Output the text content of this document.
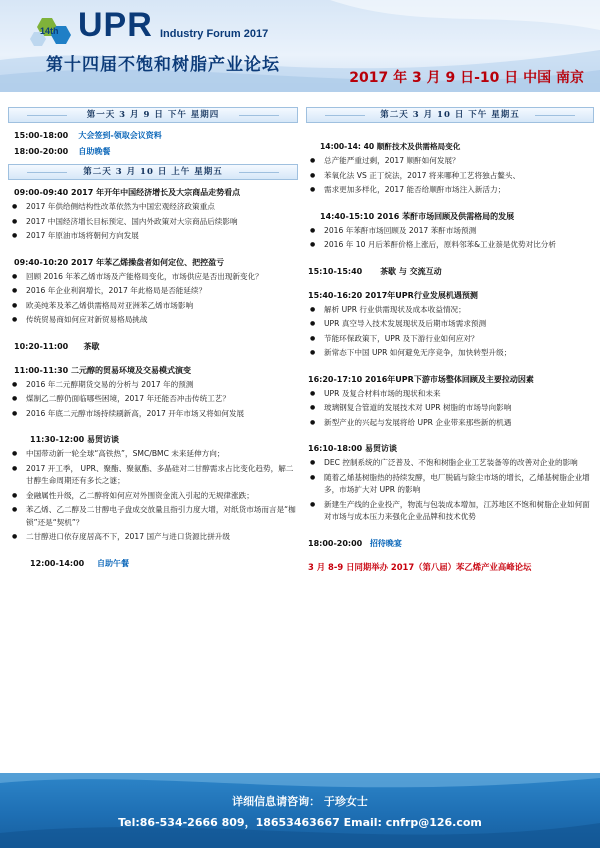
14th UPR Industry Forum 2017
第十四届不饱和树脂产业论坛
2017 年 3 月 9 日-10 日 中国 南京
第一天 3 月 9 日 下午 星期四
15:00-18:00 大会签到-领取会议资料
18:00-20:00 自助晚餐
第二天 3 月 10 日 上午 星期五
09:00-09:40 2017 年开年中国经济增长及大宗商品走势看点
● 2017 年供给侧结构性改革依然为中国宏观经济政策重点
● 2017 中国经济增长目标预定、国内外政策对大宗商品后续影响
● 2017 年原油市场将朝何方向发展
09:40-10:20 2017 年苯乙烯操盘者如何定位、把控盈亏
● 回顾 2016 年苯乙烯市场及产能格局变化，市场供应是否出现新变化？
● 2016 年企业利润增长，2017 年此格局是否能延续？
● 欧美纯苯及苯乙烯供需格局对亚洲苯乙烯市场影响
● 传统贸易商如何应对新贸易格局挑战
10:20-11:00 茶歇
11:00-11:30 二元醇的贸易环境及交易模式演变
● 2016 年二元醇期货交易的分析与 2017 年的预测
● 煤制乙二醇仍面临哪些困境，2017 年还能否冲击传统工艺？
● 2016 年底二元醇市场持续刷新高，2017 开年市场又将如何发展
11:30-12:00 易贸访谈
● 中国带动新一轮全球“高铁热”，SMC/BMC 未来延伸方向；
● 2017 开工季， UPR、聚酯、聚氨酯、多晶硅对二甘醇需求占比变化趋势，解二甘醇生命周期还有多长之谜；
● 金融属性升级，乙二醇将如何应对外围资金流入引起的无规律涨跌；
● 苯乙烯、乙二醇及二甘醇电子盘成交放量且指引力度大增，对纸货市场而言是“枷锁”还是“契机”？
● 二甘醇进口依存度居高不下，2017 国产与进口货源比拼升级
12:00-14:00 自助午餐
第二天 3 月 10 日 下午 星期五
14:00-14: 40 顺酐技术及供需格局变化
● 总产能严重过剩，2017 顺酐如何发展？
● 苯氧化法 VS 正丁烷法，2017 将来哪种工艺将独占鳌头、
● 需求更加多样化，2017 能否给顺酐市场注入新活力；
14:40-15:10 2016 苯酐市场回顾及供需格局的发展
● 2016 年苯酐市场回顾及 2017 苯酐市场预测
● 2016 年 10 月后苯酐价格上涨后，原料邻苯&工业萘是优势对比分析
15:10-15:40 茶歇 与 交流互动
15:40-16:20 2017年UPR行业发展机遇预测
● 解析 UPR 行业供需现状及成本收益情况；
● UPR 真空导入技术发展现状及后期市场需求预测
● 节能环保政策下，UPR 及下游行业如何应对？
● 新常态下中国 UPR 如何避免无序竞争，加快转型升级；
16:20-17:10 2016年UPR下游市场整体回顾及主要拉动因素
● UPR 及复合材料市场的现状和未来
● 玻璃钢复合管道的发展技术对 UPR 树脂的市场导向影响
● 新型产业的兴起与发展将给 UPR 企业带来那些新的机遇
16:10-18:00 易贸访谈
● DEC 控制系统的广泛普及、不饱和树脂企业工艺装备等的改善对企业的影响
● 随着乙烯基树脂热的持续发酵，电厂脱硫与除尘市场的增长，乙烯基树脂企业增多，市场扩大对 UPR 的影响
● 新建生产线的企业投产，物流与包装成本增加，江苏地区不饱和树脂企业如何面对市场与成本压力来强化企业品牌和技术优势
18:00-20:00 招待晚宴
3 月 8-9 日同期举办 2017（第八届）苯乙烯产业高峰论坛
详细信息请咨询： 于珍女士
Tel:86-534-2666 809，18653463667 Email: cnfrp@126.com
